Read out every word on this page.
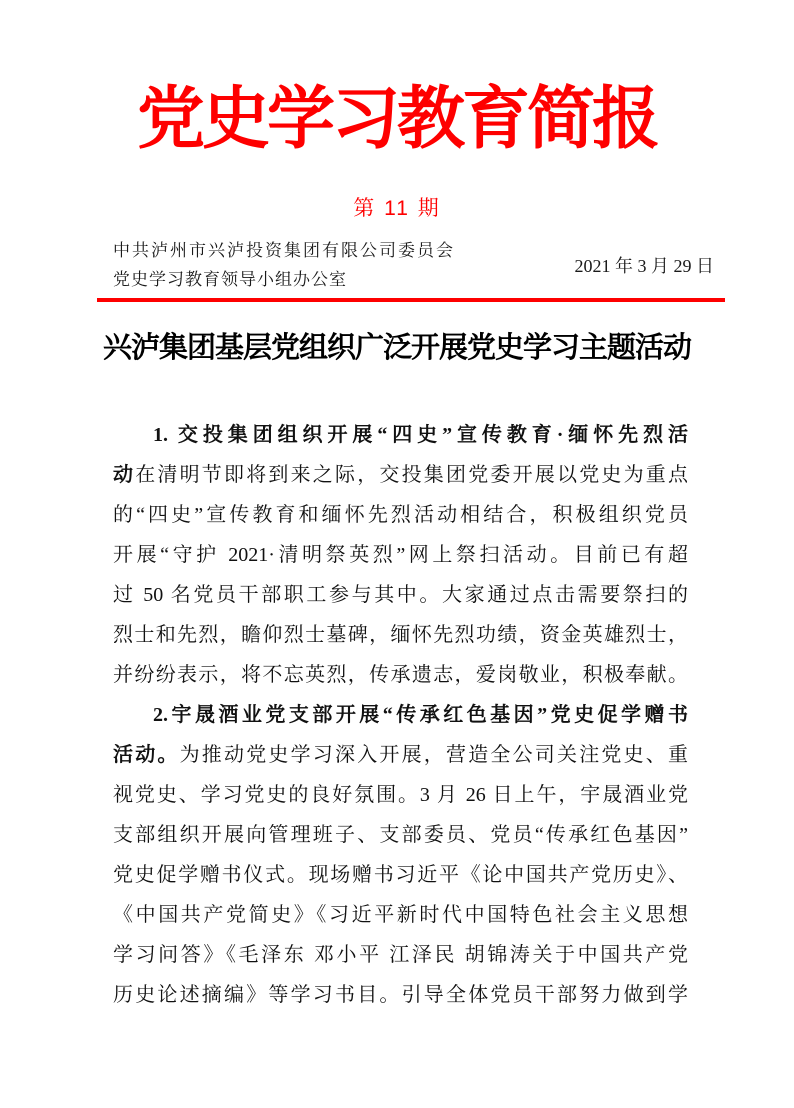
党史学习教育简报
第 11 期
中共泸州市兴泸投资集团有限公司委员会
党史学习教育领导小组办公室
2021 年 3 月 29 日
兴泸集团基层党组织广泛开展党史学习主题活动
1. 交投集团组织开展“四史”宣传教育·缅怀先烈活
动在清明节即将到来之际，交投集团党委开展以党史为重点
的“四史”宣传教育和缅怀先烈活动相结合，积极组织党员
开展“守护 2021·清明祭英烈”网上祭扫活动。目前已有超
过 50 名党员干部职工参与其中。大家通过点击需要祭扫的
烈士和先烈，瞻仰烈士墓碑，缅怀先烈功绩，资金英雄烈士，
并纷纷表示，将不忘英烈，传承遗志，爱岗敬业，积极奉献。
2.宇晟酒业党支部开展“传承红色基因”党史促学赠书
活动。为推动党史学习深入开展，营造全公司关注党史、重
视党史、学习党史的良好氛围。3 月 26 日上午，宇晟酒业党
支部组织开展向管理班子、支部委员、党员“传承红色基因”
党史促学赠书仪式。现场赠书习近平《论中国共产党历史》、
《中国共产党简史》《习近平新时代中国特色社会主义思想
学习问答》《毛泽东 邓小平 江泽民 胡锦涛关于中国共产党
历史论述摘编》等学习书目。引导全体党员干部努力做到学
